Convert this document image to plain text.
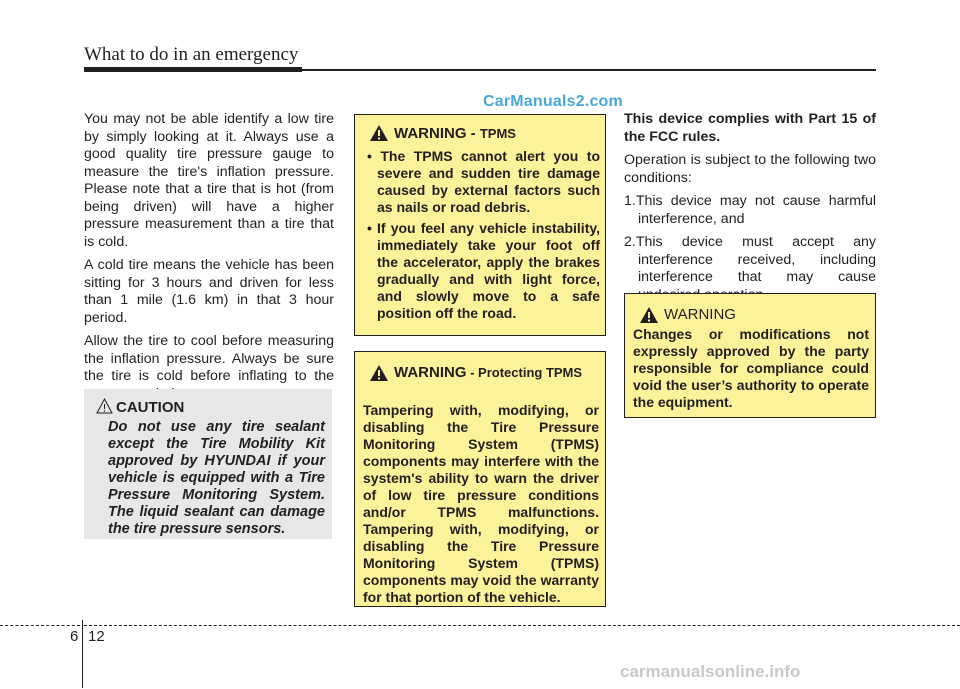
What to do in an emergency
CarManuals2.com

You may not be able identify a low tire by simply looking at it. Always use a good quality tire pressure gauge to measure the tire's inflation pressure. Please note that a tire that is hot (from being driven) will have a higher pressure measurement than a tire that is cold.

A cold tire means the vehicle has been sitting for 3 hours and driven for less than 1 mile (1.6 km) in that 3 hour period.

Allow the tire to cool before measuring the inflation pressure. Always be sure the tire is cold before inflating to the

CAUTION
Do not use any tire sealant except the Tire Mobility Kit approved by HYUNDAI if your vehicle is equipped with a Tire Pressure Monitoring System. The liquid sealant can damage the tire pressure sensors.
WARNING - TPMS
• The TPMS cannot alert you to severe and sudden tire damage caused by external factors such as nails or road debris.
• If you feel any vehicle instability, immediately take your foot off the accelerator, apply the brakes gradually and with light force, and slowly move to a safe position off the road.
WARNING - Protecting TPMS
Tampering with, modifying, or disabling the Tire Pressure Monitoring System (TPMS) components may interfere with the system's ability to warn the driver of low tire pressure conditions and/or TPMS malfunctions. Tampering with, modifying, or disabling the Tire Pressure Monitoring System (TPMS) components may void the warranty for that portion of the vehicle.

This device complies with Part 15 of the FCC rules.

Operation is subject to the following two conditions:

1.This device may not cause harmful interference, and

2.This device must accept any interference received, including interference that may cause

WARNING
Changes or modifications not expressly approved by the party responsible for compliance could void the user’s authority to operate the equipment.
6 12
carmanualsonline.info
